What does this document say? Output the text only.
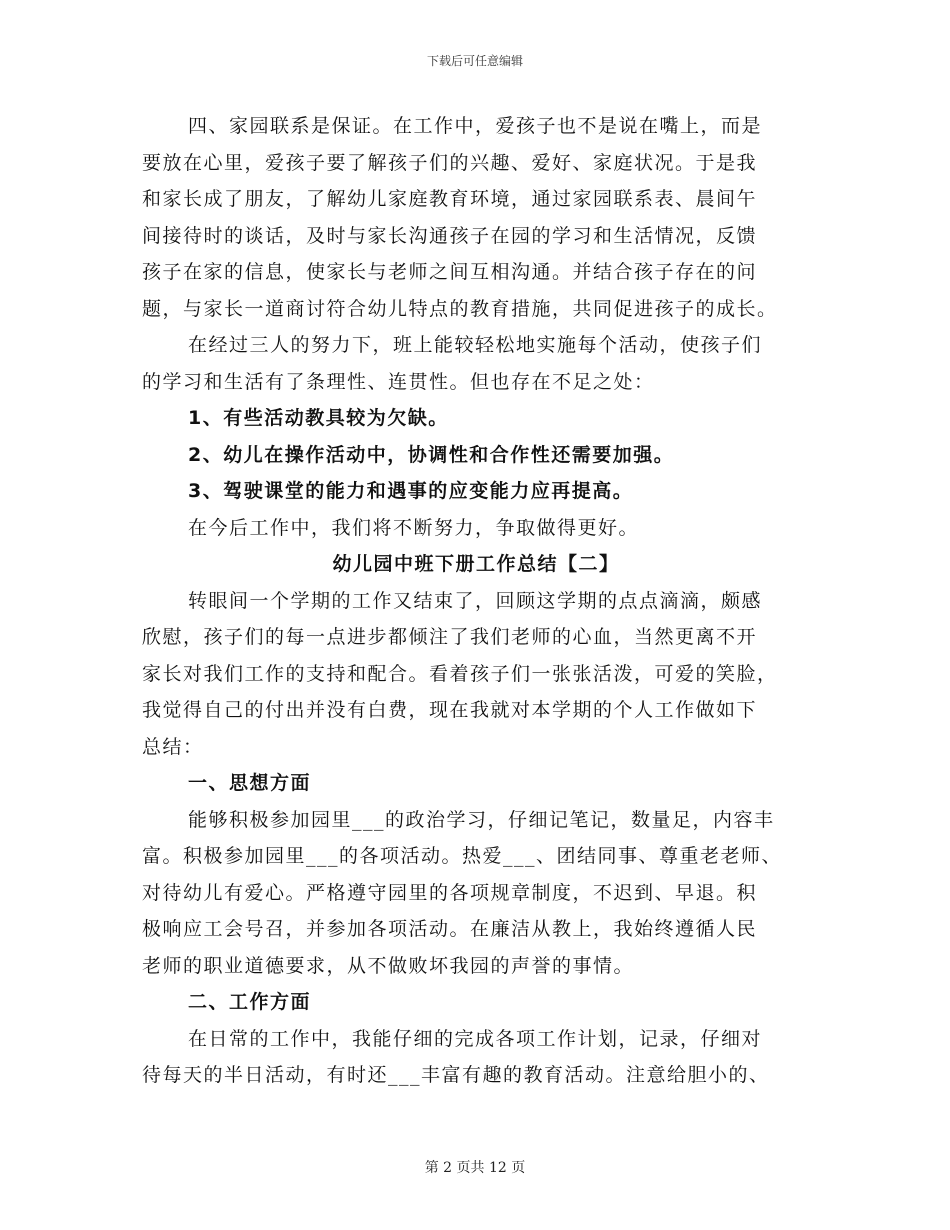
下载后可任意编辑
四、家园联系是保证。在工作中，爱孩子也不是说在嘴上，而是
要放在心里，爱孩子要了解孩子们的兴趣、爱好、家庭状况。于是我
和家长成了朋友，了解幼儿家庭教育环境，通过家园联系表、晨间午
间接待时的谈话，及时与家长沟通孩子在园的学习和生活情况，反馈
孩子在家的信息，使家长与老师之间互相沟通。并结合孩子存在的问
题，与家长一道商讨符合幼儿特点的教育措施，共同促进孩子的成长。
在经过三人的努力下，班上能较轻松地实施每个活动，使孩子们
的学习和生活有了条理性、连贯性。但也存在不足之处：
1、有些活动教具较为欠缺。
2、幼儿在操作活动中，协调性和合作性还需要加强。
3、驾驶课堂的能力和遇事的应变能力应再提高。
在今后工作中，我们将不断努力，争取做得更好。
幼儿园中班下册工作总结【二】
转眼间一个学期的工作又结束了，回顾这学期的点点滴滴，颇感
欣慰，孩子们的每一点进步都倾注了我们老师的心血，当然更离不开
家长对我们工作的支持和配合。看着孩子们一张张活泼，可爱的笑脸，
我觉得自己的付出并没有白费，现在我就对本学期的个人工作做如下
总结：
一、思想方面
能够积极参加园里___的政治学习，仔细记笔记，数量足，内容丰
富。积极参加园里___的各项活动。热爱___、团结同事、尊重老老师、
对待幼儿有爱心。严格遵守园里的各项规章制度，不迟到、早退。积
极响应工会号召，并参加各项活动。在廉洁从教上，我始终遵循人民
老师的职业道德要求，从不做败坏我园的声誉的事情。
二、工作方面
在日常的工作中，我能仔细的完成各项工作计划，记录，仔细对
待每天的半日活动，有时还___丰富有趣的教育活动。注意给胆小的、
第 2 页共 12 页
